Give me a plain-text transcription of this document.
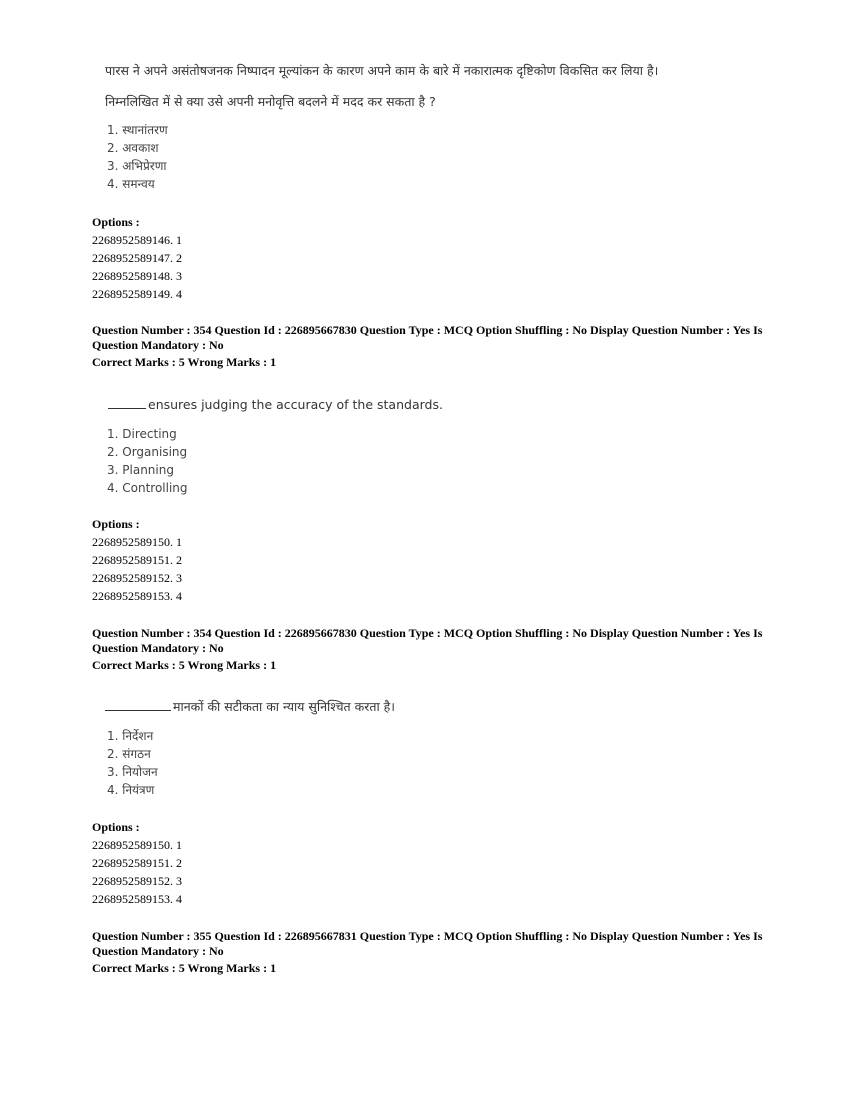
पारस ने अपने असंतोषजनक निष्पादन मूल्यांकन के कारण अपने काम के बारे में नकारात्मक दृष्टिकोण विकसित कर लिया है।
निम्नलिखित में से क्या उसे अपनी मनोवृत्ति बदलने में मदद कर सकता है ?
1. स्थानांतरण
2. अवकाश
3. अभिप्रेरणा
4. समन्वय
Options :
2268952589146. 1
2268952589147. 2
2268952589148. 3
2268952589149. 4
Question Number : 354 Question Id : 226895667830 Question Type : MCQ Option Shuffling : No Display Question Number : Yes Is Question Mandatory : No
Correct Marks : 5 Wrong Marks : 1
ensures judging the accuracy of the standards.
1. Directing
2. Organising
3. Planning
4. Controlling
Options :
2268952589150. 1
2268952589151. 2
2268952589152. 3
2268952589153. 4
Question Number : 354 Question Id : 226895667830 Question Type : MCQ Option Shuffling : No Display Question Number : Yes Is Question Mandatory : No
Correct Marks : 5 Wrong Marks : 1
मानकों की सटीकता का न्याय सुनिश्चित करता है।
1. निर्देशन
2. संगठन
3. नियोजन
4. नियंत्रण
Options :
2268952589150. 1
2268952589151. 2
2268952589152. 3
2268952589153. 4
Question Number : 355 Question Id : 226895667831 Question Type : MCQ Option Shuffling : No Display Question Number : Yes Is Question Mandatory : No
Correct Marks : 5 Wrong Marks : 1
